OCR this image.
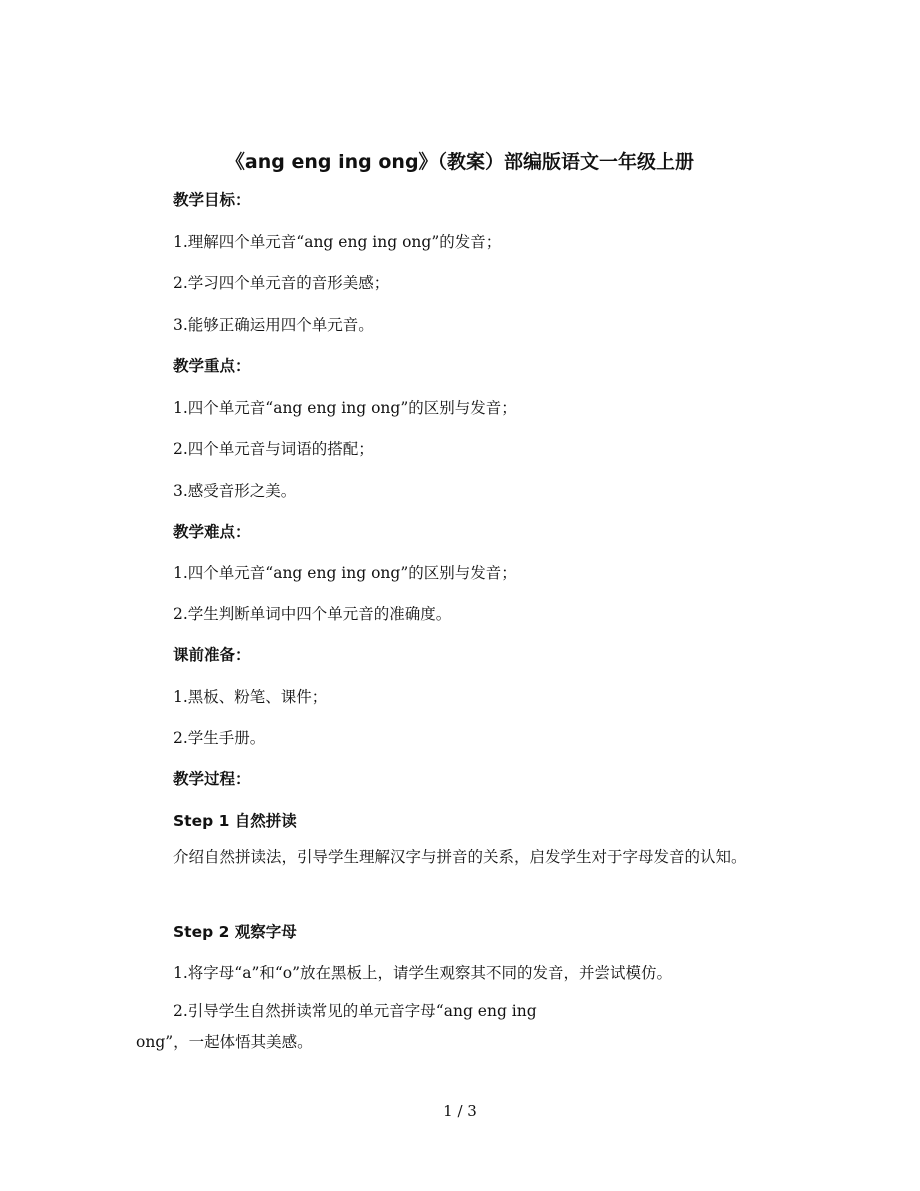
《ang eng ing ong》（教案）部编版语文一年级上册
教学目标：
1.理解四个单元音“ang eng ing ong”的发音；
2.学习四个单元音的音形美感；
3.能够正确运用四个单元音。
教学重点：
1.四个单元音“ang eng ing ong”的区别与发音；
2.四个单元音与词语的搭配；
3.感受音形之美。
教学难点：
1.四个单元音“ang eng ing ong”的区别与发音；
2.学生判断单词中四个单元音的准确度。
课前准备：
1.黑板、粉笔、课件；
2.学生手册。
教学过程：
Step 1 自然拼读
介绍自然拼读法，引导学生理解汉字与拼音的关系，启发学生对于字母发音的认知。
Step 2 观察字母
1.将字母“a”和“o”放在黑板上，请学生观察其不同的发音，并尝试模仿。
2.引导学生自然拼读常见的单元音字母“ang eng ing
ong”，一起体悟其美感。
1 / 3
